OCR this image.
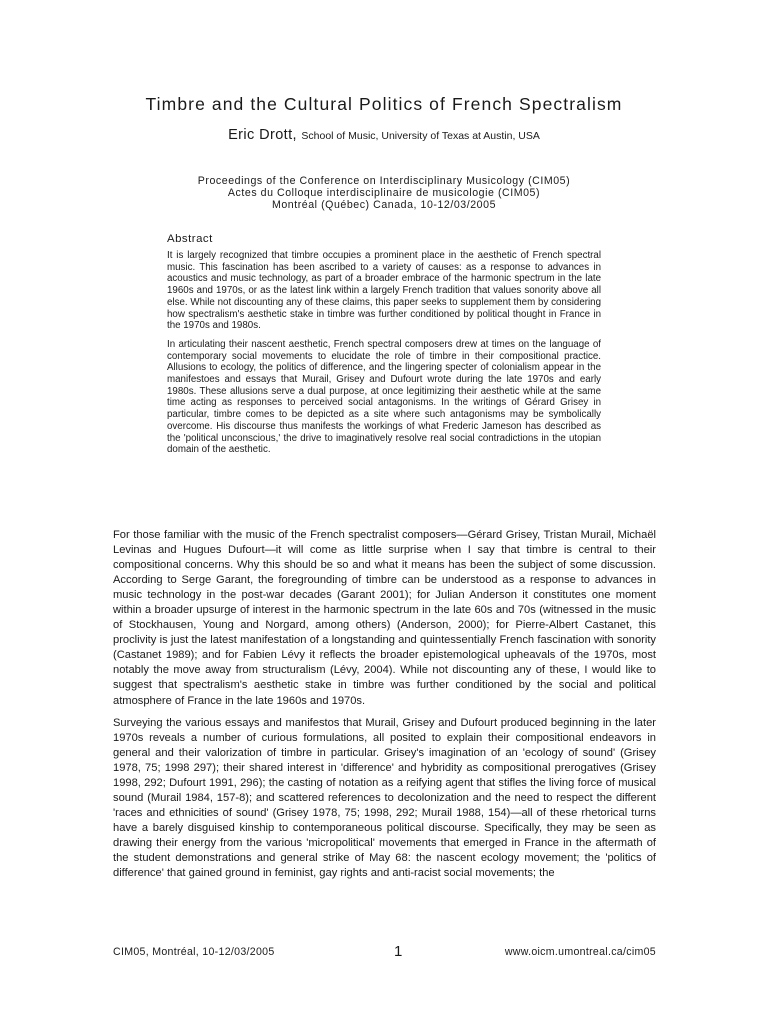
Timbre and the Cultural Politics of French Spectralism
Eric Drott, School of Music, University of Texas at Austin, USA
Proceedings of the Conference on Interdisciplinary Musicology (CIM05)
Actes du Colloque interdisciplinaire de musicologie (CIM05)
Montréal (Québec) Canada, 10-12/03/2005
Abstract

It is largely recognized that timbre occupies a prominent place in the aesthetic of French spectral music. This fascination has been ascribed to a variety of causes: as a response to advances in acoustics and music technology, as part of a broader embrace of the harmonic spectrum in the late 1960s and 1970s, or as the latest link within a largely French tradition that values sonority above all else. While not discounting any of these claims, this paper seeks to supplement them by considering how spectralism's aesthetic stake in timbre was further conditioned by political thought in France in the 1970s and 1980s.

In articulating their nascent aesthetic, French spectral composers drew at times on the language of contemporary social movements to elucidate the role of timbre in their compositional practice. Allusions to ecology, the politics of difference, and the lingering specter of colonialism appear in the manifestoes and essays that Murail, Grisey and Dufourt wrote during the late 1970s and early 1980s. These allusions serve a dual purpose, at once legitimizing their aesthetic while at the same time acting as responses to perceived social antagonisms. In the writings of Gérard Grisey in particular, timbre comes to be depicted as a site where such antagonisms may be symbolically overcome. His discourse thus manifests the workings of what Frederic Jameson has described as the 'political unconscious,' the drive to imaginatively resolve real social contradictions in the utopian domain of the aesthetic.

For those familiar with the music of the French spectralist composers—Gérard Grisey, Tristan Murail, Michaël Levinas and Hugues Dufourt—it will come as little surprise when I say that timbre is central to their compositional concerns. Why this should be so and what it means has been the subject of some discussion. According to Serge Garant, the foregrounding of timbre can be understood as a response to advances in music technology in the post-war decades (Garant 2001); for Julian Anderson it constitutes one moment within a broader upsurge of interest in the harmonic spectrum in the late 60s and 70s (witnessed in the music of Stockhausen, Young and Norgard, among others) (Anderson, 2000); for Pierre-Albert Castanet, this proclivity is just the latest manifestation of a longstanding and quintessentially French fascination with sonority (Castanet 1989); and for Fabien Lévy it reflects the broader epistemological upheavals of the 1970s, most notably the move away from structuralism (Lévy, 2004). While not discounting any of these, I would like to suggest that spectralism's aesthetic stake in timbre was further conditioned by the social and political atmosphere of France in the late 1960s and 1970s.

Surveying the various essays and manifestos that Murail, Grisey and Dufourt produced beginning in the later 1970s reveals a number of curious formulations, all posited to explain their compositional endeavors in general and their valorization of timbre in particular. Grisey's imagination of an 'ecology of sound' (Grisey 1978, 75; 1998 297); their shared interest in 'difference' and hybridity as compositional prerogatives (Grisey 1998, 292; Dufourt 1991, 296); the casting of notation as a reifying agent that stifles the living force of musical sound (Murail 1984, 157-8); and scattered references to decolonization and the need to respect the different 'races and ethnicities of sound' (Grisey 1978, 75; 1998, 292; Murail 1988, 154)—all of these rhetorical turns have a barely disguised kinship to contemporaneous political discourse. Specifically, they may be seen as drawing their energy from the various 'micropolitical' movements that emerged in France in the aftermath of the student demonstrations and general strike of May 68: the nascent ecology movement; the 'politics of difference' that gained ground in feminist, gay rights and anti-racist social movements; the

CIM05, Montréal, 10-12/03/2005	1	www.oicm.umontreal.ca/cim05
